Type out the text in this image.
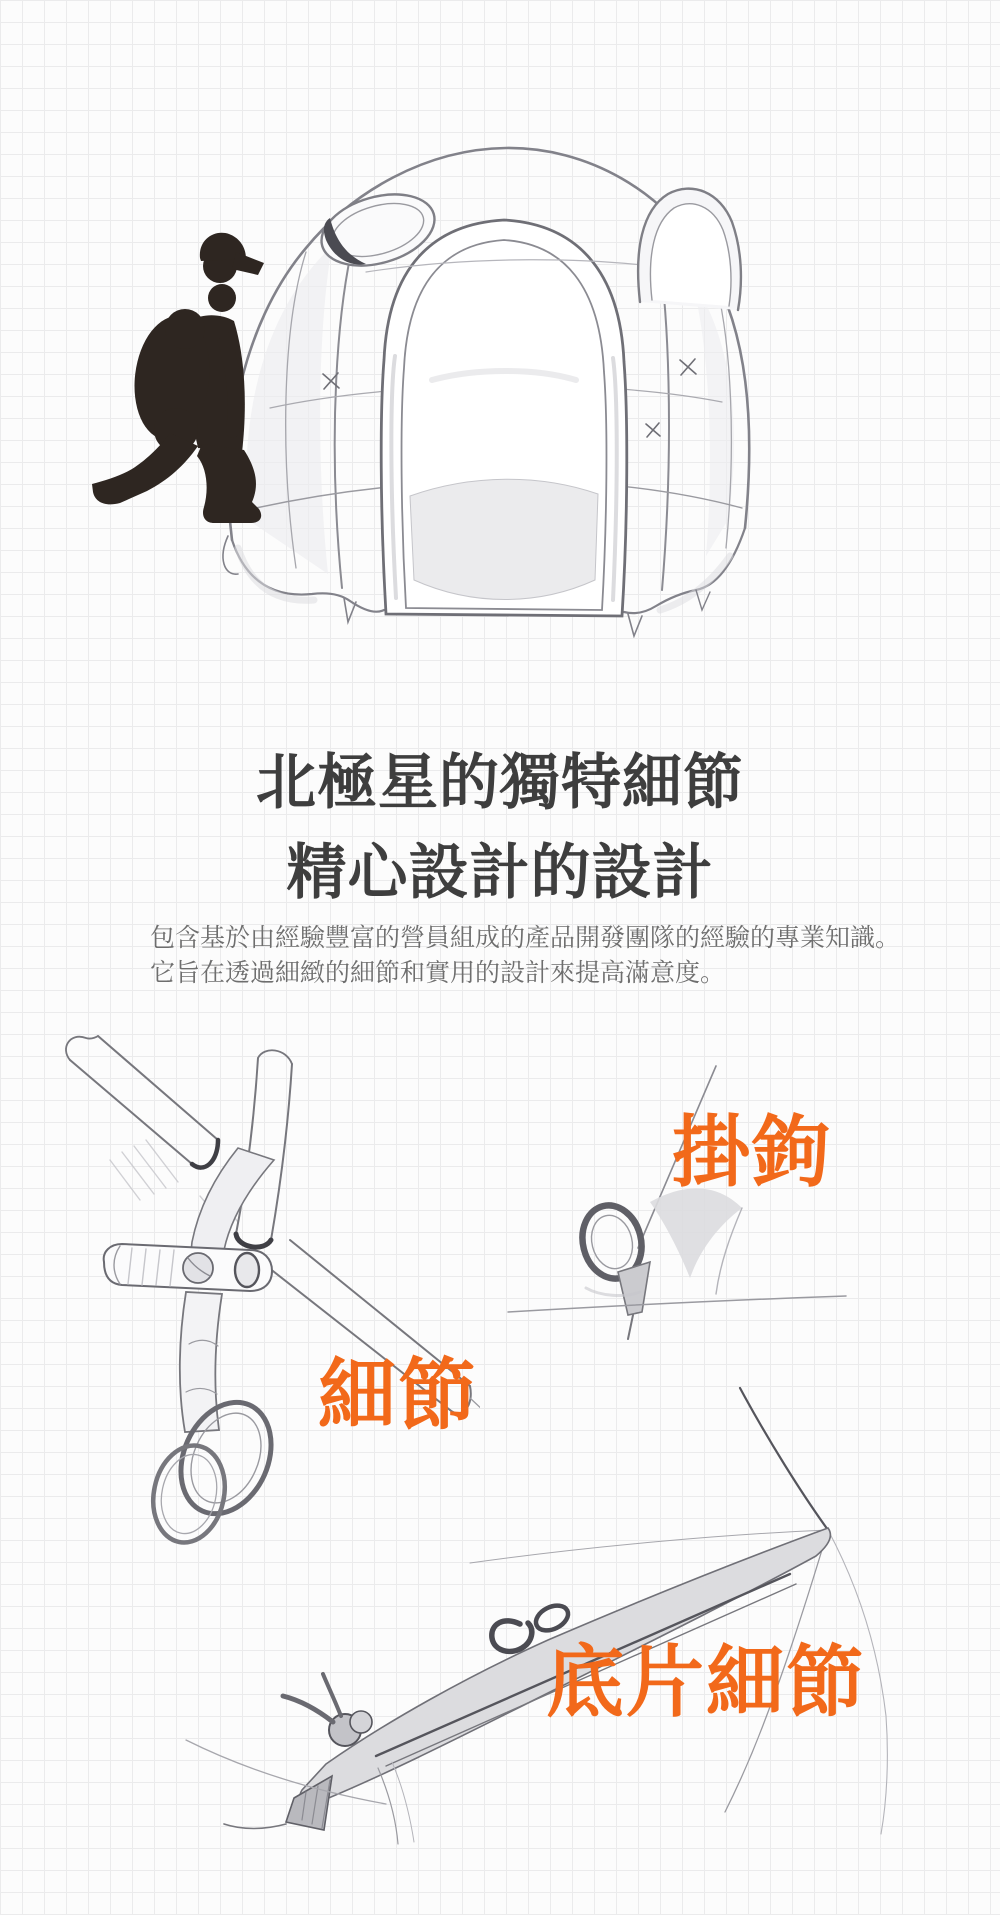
北極星的獨特細節
精心設計的設計

包含基於由經驗豐富的營員組成的產品開發團隊的經驗的專業知識。
它旨在透過細緻的細節和實用的設計來提高滿意度。

掛鉤
細節
底片細節
